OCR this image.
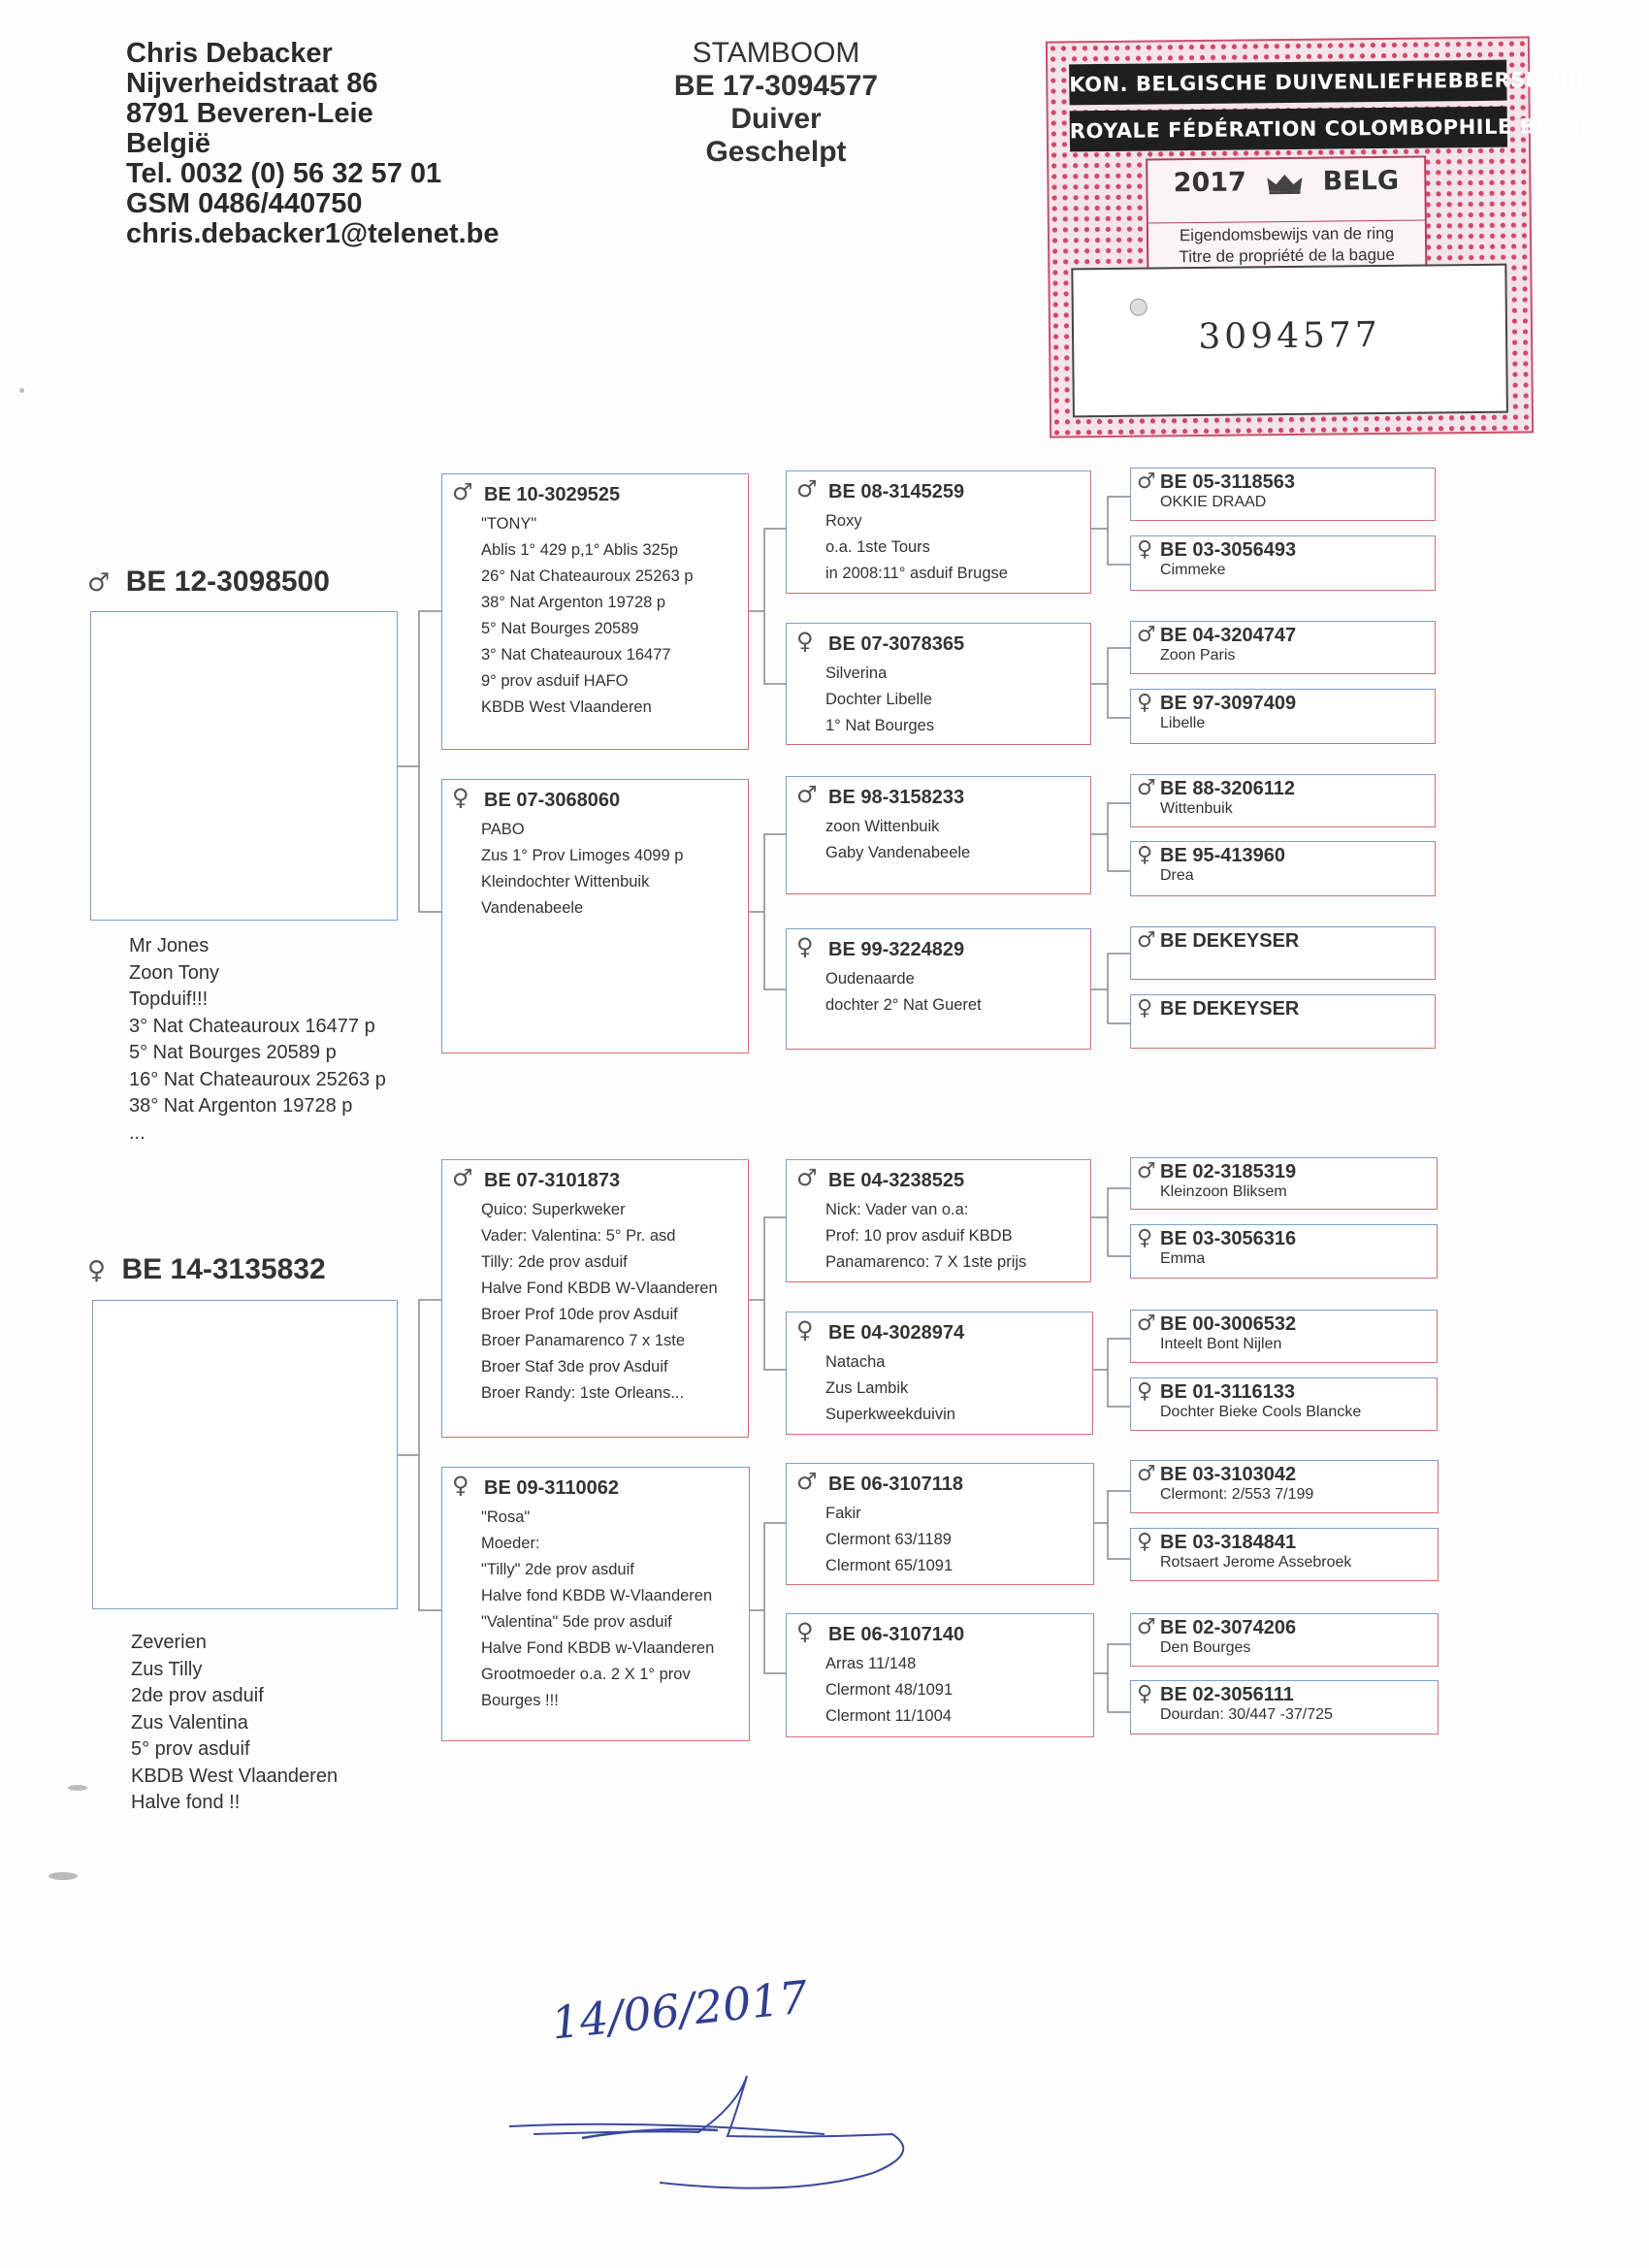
Chris Debacker
Nijverheidstraat 86
8791 Beveren-Leie
België
Tel. 0032 (0) 56 32 57 01
GSM 0486/440750
chris.debacker1@telenet.be
STAMBOOM
BE 17-3094577
Duiver
Geschelpt
KON. BELGISCHE DUIVENLIEFHEBBERSBOND
ROYALE FÉDÉRATION COLOMBOPHILE BELGE
2017	BELG
Eigendomsbewijs van de ring
Titre de propriété de la bague
3094577
♂ BE 12-3098500
Mr Jones
Zoon Tony
Topduif!!!
3° Nat Chateauroux 16477 p
5° Nat Bourges 20589 p
16° Nat Chateauroux 25263 p
38° Nat Argenton 19728 p
...
♀ BE 14-3135832
Zeverien
Zus Tilly
2de prov asduif
Zus Valentina
5° prov asduif
KBDB West Vlaanderen
Halve fond !!
♂ BE 10-3029525
"TONY"
Ablis 1° 429 p,1° Ablis 325p
26° Nat Chateauroux 25263 p
38° Nat Argenton 19728 p
5° Nat Bourges 20589
3° Nat Chateauroux 16477
9° prov asduif HAFO
KBDB West Vlaanderen
♀ BE 07-3068060
PABO
Zus 1° Prov Limoges 4099 p
Kleindochter Wittenbuik
Vandenabeele
♂ BE 07-3101873
Quico: Superkweker
Vader: Valentina: 5° Pr. asd
Tilly: 2de prov asduif
Halve Fond KBDB W-Vlaanderen
Broer Prof 10de prov Asduif
Broer Panamarenco 7 x 1ste
Broer Staf 3de prov Asduif
Broer Randy: 1ste Orleans...
♀ BE 09-3110062
"Rosa"
Moeder:
"Tilly" 2de prov asduif
Halve fond KBDB W-Vlaanderen
"Valentina" 5de prov asduif
Halve Fond KBDB w-Vlaanderen
Grootmoeder o.a. 2 X 1° prov
Bourges !!!
♂ BE 08-3145259
Roxy
o.a. 1ste Tours
in 2008:11° asduif Brugse
♀ BE 07-3078365
Silverina
Dochter Libelle
1° Nat Bourges
♂ BE 98-3158233
zoon Wittenbuik
Gaby Vandenabeele
♀ BE 99-3224829
Oudenaarde
dochter 2° Nat Gueret
♂ BE 04-3238525
Nick: Vader van o.a:
Prof: 10 prov asduif KBDB
Panamarenco: 7 X 1ste prijs
♀ BE 04-3028974
Natacha
Zus Lambik
Superkweekduivin
♂ BE 06-3107118
Fakir
Clermont 63/1189
Clermont 65/1091
♀ BE 06-3107140
Arras 11/148
Clermont 48/1091
Clermont 11/1004
♂ BE 05-3118563
OKKIE DRAAD
♀ BE 03-3056493
Cimmeke
♂ BE 04-3204747
Zoon Paris
♀ BE 97-3097409
Libelle
♂ BE 88-3206112
Wittenbuik
♀ BE 95-413960
Drea
♂ BE DEKEYSER
♀ BE DEKEYSER
♂ BE 02-3185319
Kleinzoon Bliksem
♀ BE 03-3056316
Emma
♂ BE 00-3006532
Inteelt Bont Nijlen
♀ BE 01-3116133
Dochter Bieke Cools Blancke
♂ BE 03-3103042
Clermont: 2/553 7/199
♀ BE 03-3184841
Rotsaert Jerome Assebroek
♂ BE 02-3074206
Den Bourges
♀ BE 02-3056111
Dourdan: 30/447 -37/725
14/06/2017
